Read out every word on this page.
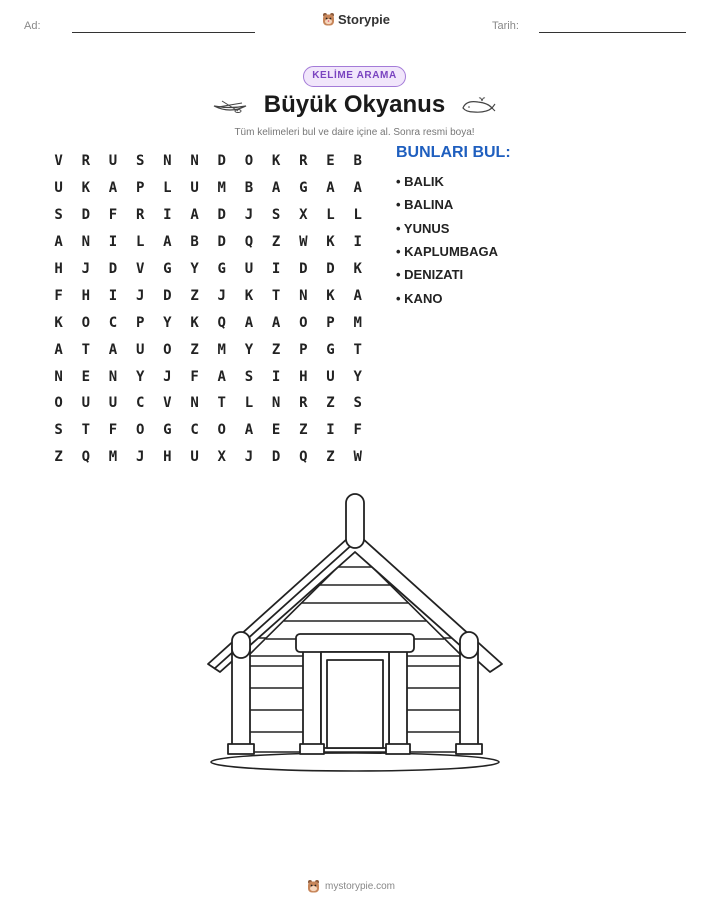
Ad:	Storypie	Tarih:
KELİME ARAMA
Büyük Okyanus
Tüm kelimeleri bul ve daire içine al. Sonra resmi boya!
V	R	U	S	N	N	D	O	K	R	E	B
U	K	A	P	L	U	M	B	A	G	A	A
S	D	F	R	I	A	D	J	S	X	L	L
A	N	I	L	A	B	D	Q	Z	W	K	I
H	J	D	V	G	Y	G	U	I	D	D	K
F	H	I	J	D	Z	J	K	T	N	K	A
K	O	C	P	Y	K	Q	A	A	O	P	M
A	T	A	U	O	Z	M	Y	Z	P	G	T
N	E	N	Y	J	F	A	S	I	H	U	Y
O	U	U	C	V	N	T	L	N	R	Z	S
S	T	F	O	G	C	O	A	E	Z	I	F
Z	Q	M	J	H	U	X	J	D	Q	Z	W
BUNLARI BUL:
• BALIK
• BALINA
• YUNUS
• KAPLUMBAGA
• DENIZATI
• KANO
mystorypie.com
